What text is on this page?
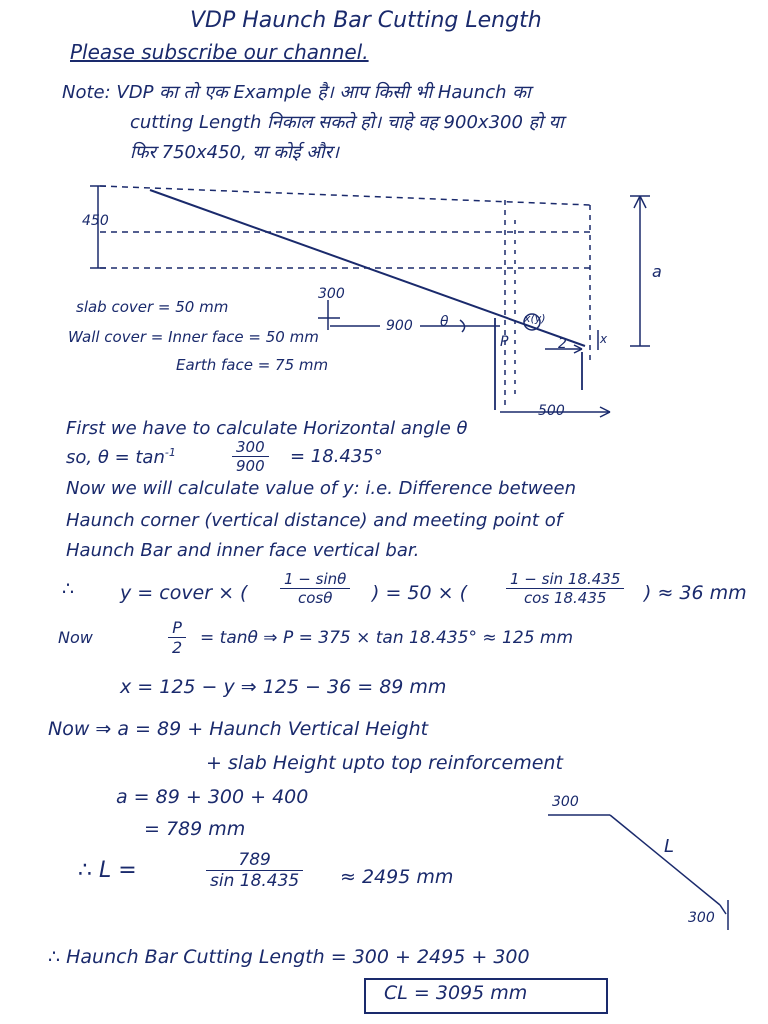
VDP Haunch Bar Cutting Length
Please subscribe our channel.
Note: VDP का तो एक Example है। आप किसी भी Haunch का
cutting Length निकाल सकते हो। चाहे वह 900x300 हो या
फिर 750x450, या कोई और।
450
300
900 θ	x(y)
P	2	x
a
500
slab cover = 50 mm
Wall cover = Inner face = 50 mm
Earth face = 75 mm
First we have to calculate Horizontal angle θ
so, $\theta = \tan^{-1}$	$\frac{300}{900} = 18.435^\circ$
Now we will calculate value of y: i.e. Difference between
Haunch corner (vertical distance) and meeting point of
Haunch Bar and inner face vertical bar.
∴ y = cover × ( $\frac{1 - \sin\theta}{\cos\theta}$ ) = 50 × (	$\frac{1 - \sin 18.435}{\cos 18.435}$ ) ≈ 36 mm
Now	$\frac{P}{2} = \tan\theta$ ⇒ P = 375 × tan 18.435° ≈ 125 mm
x = 125 − y ⇒ 125 − 36 = 89 mm
Now ⇒ a = 89 + Haunch Vertical Height
+ slab Height upto top reinforcement
a = 89 + 300 + 400
= 789 mm
∴ L =	$\frac{789}{\sin 18.435} \approx 2495$ mm
300
L
300
∴ Haunch Bar Cutting Length = 300 + 2495 + 300
CL = 3095 mm
